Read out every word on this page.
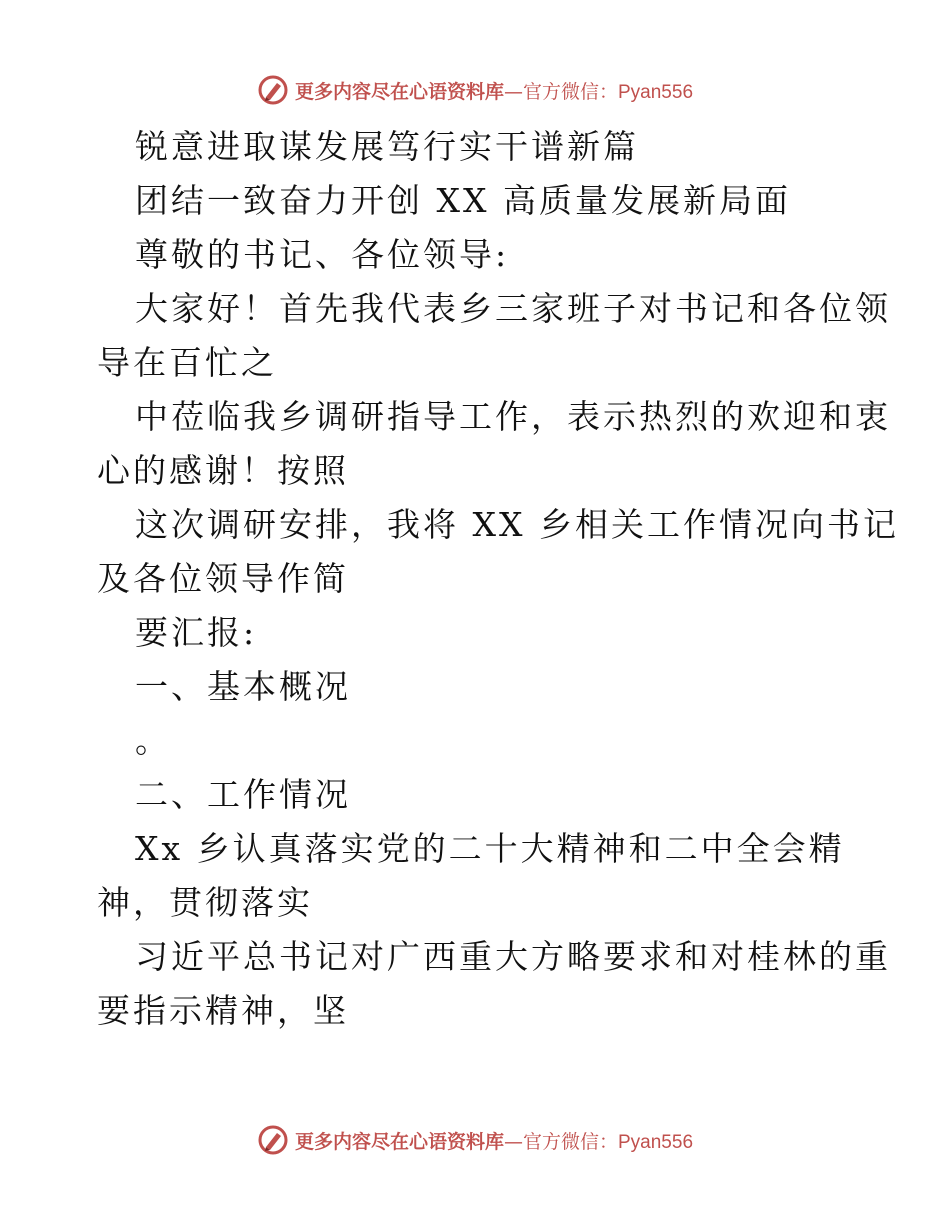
更多内容尽在心语资料库—官方微信：Pyan556
锐意进取谋发展笃行实干谱新篇
团结一致奋力开创 XX 高质量发展新局面
尊敬的书记、各位领导:
大家好！首先我代表乡三家班子对书记和各位领
导在百忙之
中莅临我乡调研指导工作，表示热烈的欢迎和衷
心的感谢！按照
这次调研安排，我将 XX 乡相关工作情况向书记
及各位领导作简
要汇报:
一、基本概况
。
二、工作情况
Xx 乡认真落实党的二十大精神和二中全会精
神，贯彻落实
习近平总书记对广西重大方略要求和对桂林的重
要指示精神，坚
更多内容尽在心语资料库—官方微信：Pyan556
